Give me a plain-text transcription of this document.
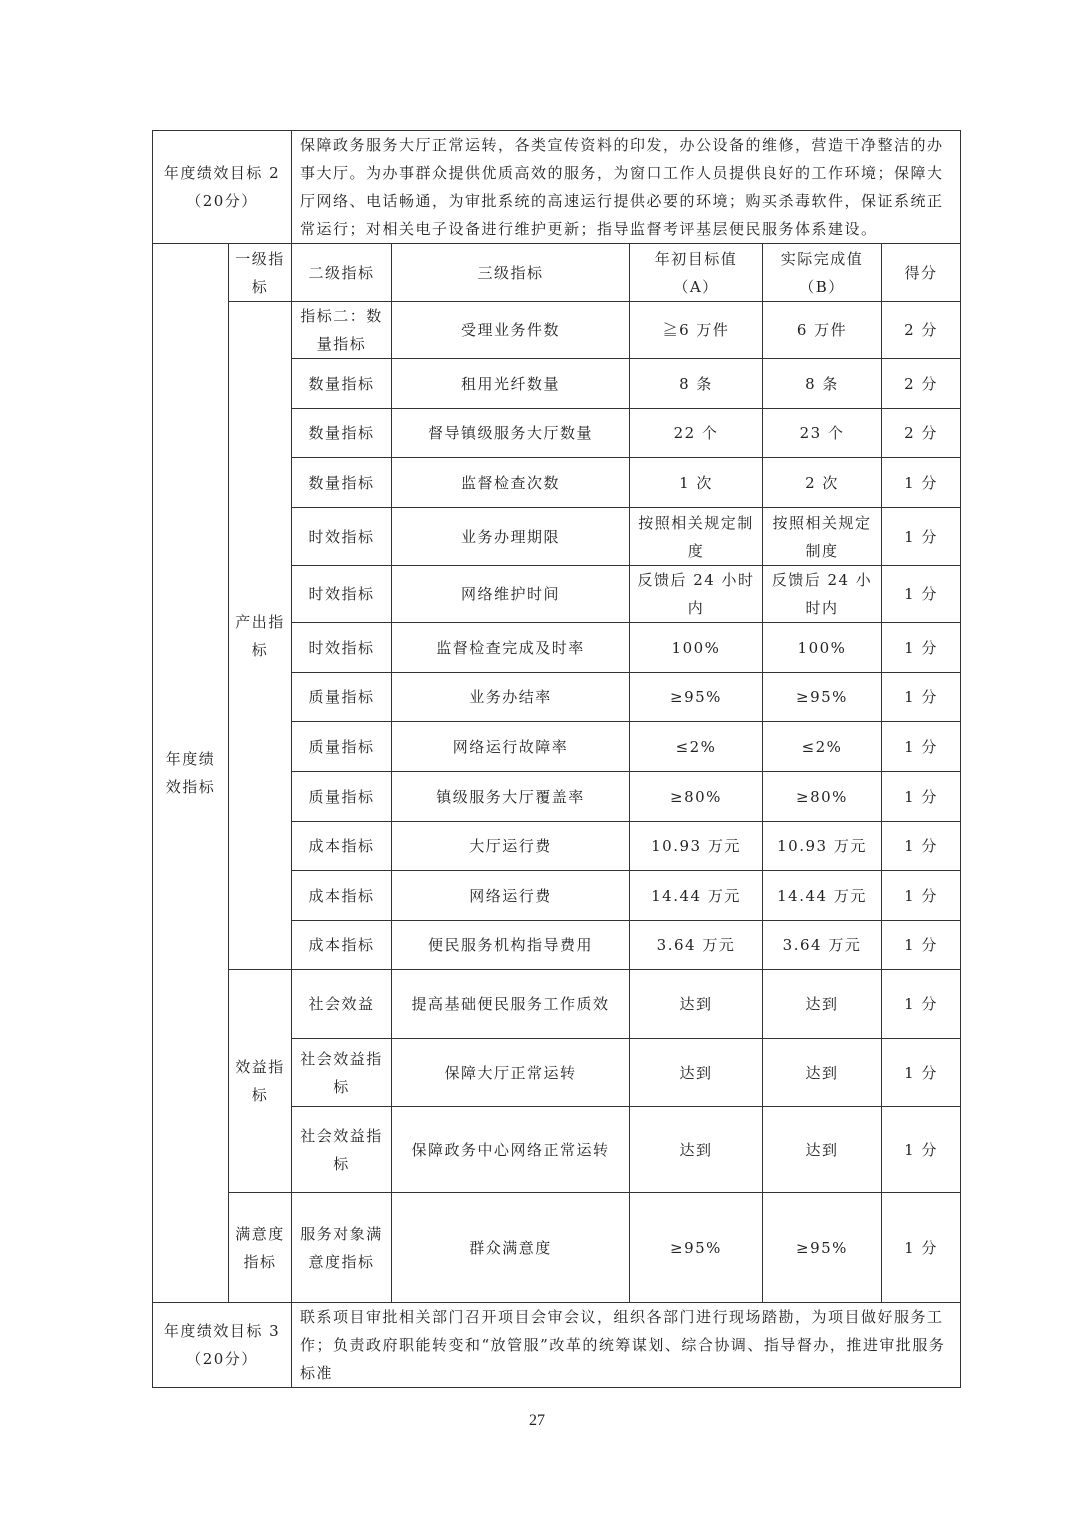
年度绩效目标 2
（20分）		保障政务服务大厅正常运转，各类宣传资料的印发，办公设备的维修，营造干净整洁的办事大厅。为办事群众提供优质高效的服务，为窗口工作人员提供良好的工作环境；保障大厅网络、电话畅通，为审批系统的高速运行提供必要的环境；购买杀毒软件，保证系统正常运行；对相关电子设备进行维护更新；指导监督考评基层便民服务体系建设。				
年度绩效指标	一级指标	二级指标	三级指标	年初目标值（A）	实际完成值（B）	得分
	产出指标	指标二：数量指标	受理业务件数	≧6 万件	6 万件	2 分
		数量指标	租用光纤数量	8 条	8 条	2 分
		数量指标	督导镇级服务大厅数量	22 个	23 个	2 分
		数量指标	监督检查次数	1 次	2 次	1 分
		时效指标	业务办理期限	按照相关规定制度	按照相关规定制度	1 分
		时效指标	网络维护时间	反馈后 24 小时内	反馈后 24 小时内	1 分
		时效指标	监督检查完成及时率	100%	100%	1 分
		质量指标	业务办结率	≥95%	≥95%	1 分
		质量指标	网络运行故障率	≤2%	≤2%	1 分
		质量指标	镇级服务大厅覆盖率	≥80%	≥80%	1 分
		成本指标	大厅运行费	10.93 万元	10.93 万元	1 分
		成本指标	网络运行费	14.44 万元	14.44 万元	1 分
		成本指标	便民服务机构指导费用	3.64 万元	3.64 万元	1 分
	效益指标	社会效益	提高基础便民服务工作质效	达到	达到	1 分
		社会效益指标	保障大厅正常运转	达到	达到	1 分
		社会效益指标	保障政务中心网络正常运转	达到	达到	1 分
	满意度指标	服务对象满意度指标	群众满意度	≥95%	≥95%	1 分

年度绩效目标 3
（20分）		联系项目审批相关部门召开项目会审会议，组织各部门进行现场踏勘，为项目做好服务工作；负责政府职能转变和“放管服”改革的统筹谋划、综合协调、指导督办，推进审批服务标准				
27
